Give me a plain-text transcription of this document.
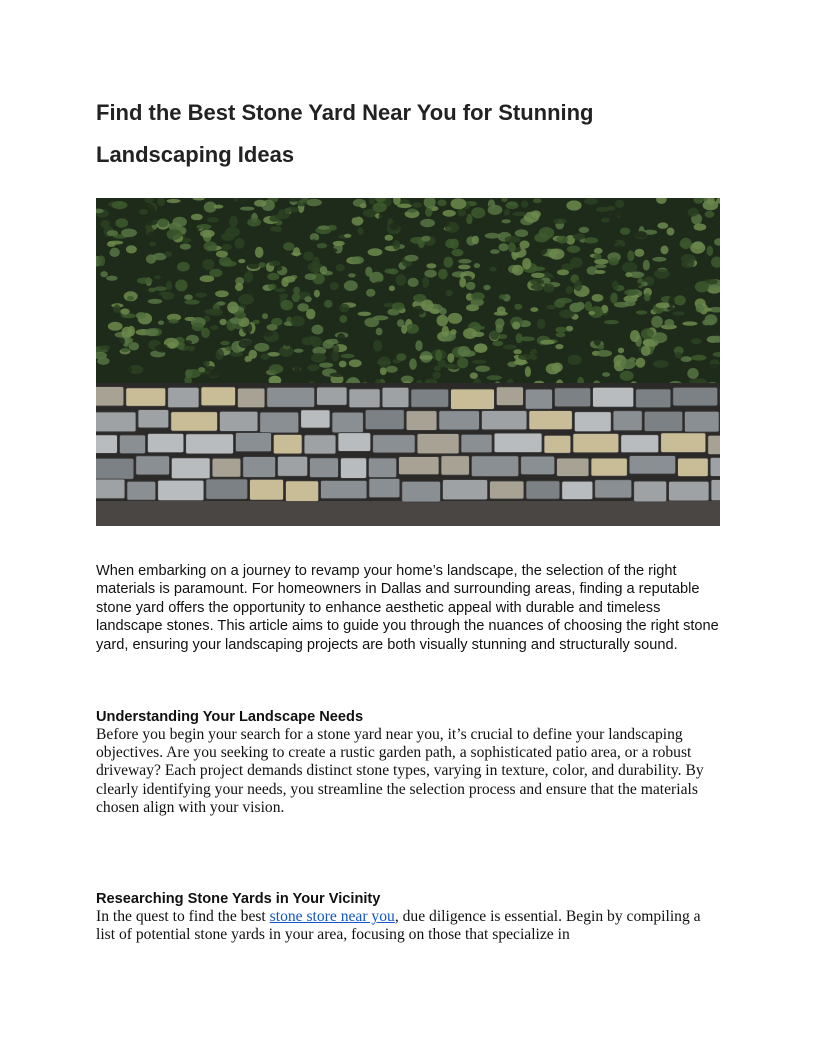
Find the Best Stone Yard Near You for Stunning Landscaping Ideas

When embarking on a journey to revamp your home’s landscape, the selection of the right materials is paramount. For homeowners in Dallas and surrounding areas, finding a reputable stone yard offers the opportunity to enhance aesthetic appeal with durable and timeless landscape stones. This article aims to guide you through the nuances of choosing the right stone yard, ensuring your landscaping projects are both visually stunning and structurally sound.

Understanding Your Landscape Needs

Before you begin your search for a stone yard near you, it’s crucial to define your landscaping objectives. Are you seeking to create a rustic garden path, a sophisticated patio area, or a robust driveway? Each project demands distinct stone types, varying in texture, color, and durability. By clearly identifying your needs, you streamline the selection process and ensure that the materials chosen align with your vision.

Researching Stone Yards in Your Vicinity

In the quest to find the best stone store near you, due diligence is essential. Begin by compiling a list of potential stone yards in your area, focusing on those that specialize in
